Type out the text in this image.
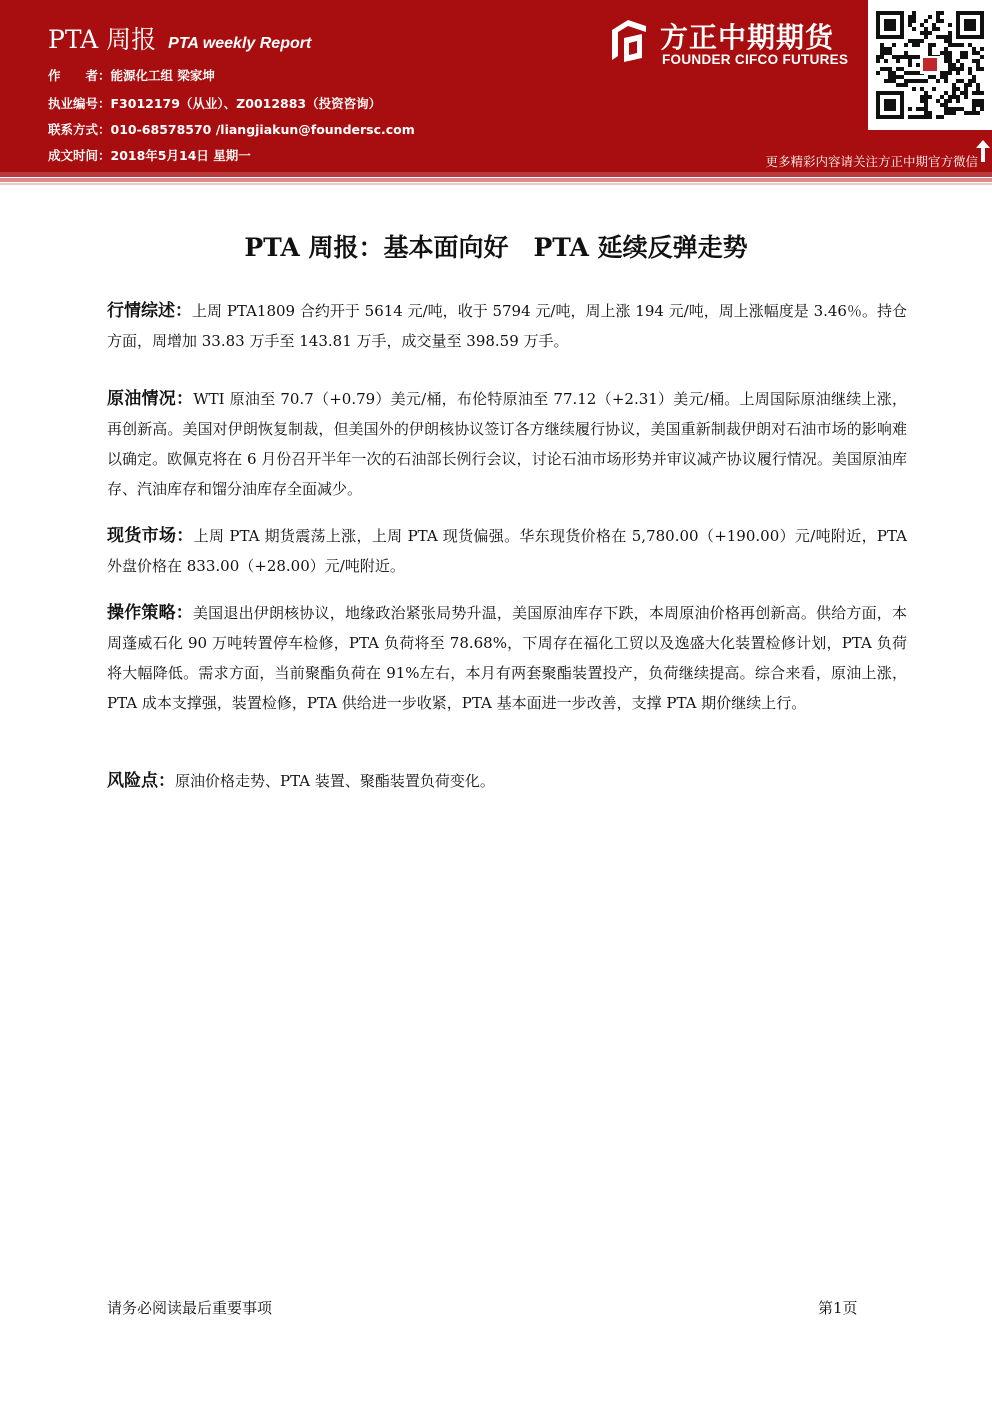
PTA 周报 PTA weekly Report
作　　者：能源化工组 梁家坤
执业编号：F3012179（从业）、Z0012883（投资咨询）
联系方式：010-68578570 /liangjiakun@foundersc.com
成文时间：2018年5月14日 星期一
方正中期期货
FOUNDER CIFCO FUTURES
更多精彩内容请关注方正中期官方微信
PTA 周报：基本面向好　PTA 延续反弹走势
行情综述：上周 PTA1809 合约开于 5614 元/吨，收于 5794 元/吨，周上涨 194 元/吨，周上涨幅度是 3.46％。持仓方面，周增加 33.83 万手至 143.81 万手，成交量至 398.59 万手。
原油情况：WTI 原油至 70.7（+0.79）美元/桶，布伦特原油至 77.12（+2.31）美元/桶。上周国际原油继续上涨，再创新高。美国对伊朗恢复制裁，但美国外的伊朗核协议签订各方继续履行协议，美国重新制裁伊朗对石油市场的影响难以确定。欧佩克将在 6 月份召开半年一次的石油部长例行会议，讨论石油市场形势并审议减产协议履行情况。美国原油库存、汽油库存和馏分油库存全面减少。
现货市场：上周 PTA 期货震荡上涨，上周 PTA 现货偏强。华东现货价格在 5,780.00（+190.00）元/吨附近，PTA 外盘价格在 833.00（+28.00）元/吨附近。
操作策略：美国退出伊朗核协议，地缘政治紧张局势升温，美国原油库存下跌，本周原油价格再创新高。供给方面，本周蓬威石化 90 万吨转置停车检修，PTA 负荷将至 78.68%，下周存在福化工贸以及逸盛大化装置检修计划，PTA 负荷将大幅降低。需求方面，当前聚酯负荷在 91%左右，本月有两套聚酯装置投产，负荷继续提高。综合来看，原油上涨，PTA 成本支撑强，装置检修，PTA 供给进一步收紧，PTA 基本面进一步改善，支撑 PTA 期价继续上行。
风险点：原油价格走势、PTA 装置、聚酯装置负荷变化。
请务必阅读最后重要事项	第1页
